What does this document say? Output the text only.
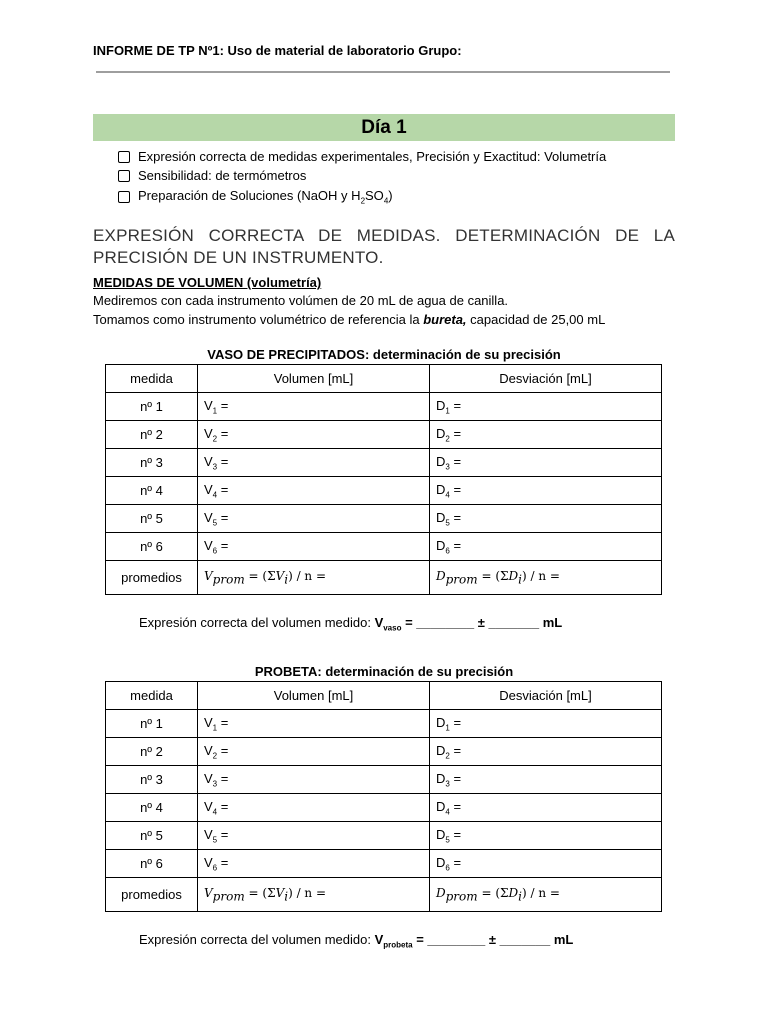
INFORME DE TP Nº1: Uso de material de laboratorio Grupo:
Día 1
Expresión correcta de medidas experimentales, Precisión y Exactitud: Volumetría
Sensibilidad: de termómetros
Preparación de Soluciones (NaOH y $H_2SO_4$)
EXPRESIÓN CORRECTA DE MEDIDAS. DETERMINACIÓN DE LA
PRECISIÓN DE UN INSTRUMENTO.
MEDIDAS DE VOLUMEN (volumetría)
Mediremos con cada instrumento volúmen de 20 mL de agua de canilla.
Tomamos como instrumento volumétrico de referencia la bureta, capacidad de 25,00 mL
VASO DE PRECIPITADOS: determinación de su precisión
medida	Volumen [mL]	Desviación [mL]
nº 1	$V_1$ =	$D_1$ =
nº 2	$V_2$ =	$D_2$ =
nº 3	$V_3$ =	$D_3$ =
nº 4	$V_4$ =	$D_4$ =
nº 5	$V_5$ =	$D_5$ =
nº 6	$V_6$ =	$D_6$ =
promedios	$V_{prom} = (\Sigma V_i) / n$ =	$D_{prom} = (\Sigma D_i) / n$ =
Expresión correcta del volumen medido: $V_{vaso}$ = ________ ± _______ mL
PROBETA: determinación de su precisión
medida	Volumen [mL]	Desviación [mL]
nº 1	$V_1$ =	$D_1$ =
nº 2	$V_2$ =	$D_2$ =
nº 3	$V_3$ =	$D_3$ =
nº 4	$V_4$ =	$D_4$ =
nº 5	$V_5$ =	$D_5$ =
nº 6	$V_6$ =	$D_6$ =
promedios	$V_{prom} = (\Sigma V_i) / n$ =	$D_{prom} = (\Sigma D_i) / n$ =
Expresión correcta del volumen medido: $V_{probeta}$ = ________ ± _______ mL
